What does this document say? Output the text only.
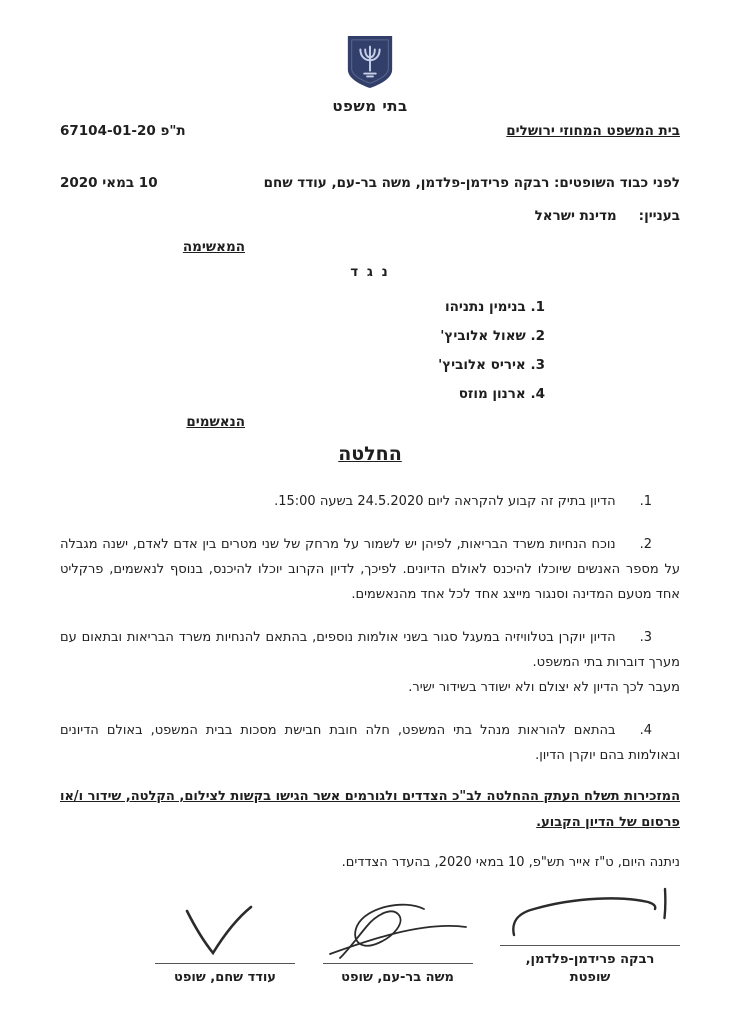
בתי משפט
בית המשפט המחוזי ירושלים
ת"פ 67104-01-20
לפני כבוד השופטים: רבקה פרידמן-פלדמן, משה בר-עם, עודד שחם
10 במאי 2020
בעניין:מדינת ישראל
המאשימה
נ ג ד
1. בנימין נתניהו
2. שאול אלוביץ'
3. איריס אלוביץ'
4. ארנון מוזס
הנאשמים
החלטה
1.הדיון בתיק זה קבוע להקראה ליום 24.5.2020 בשעה 15:00.
2.נוכח הנחיות משרד הבריאות, לפיהן יש לשמור על מרחק של שני מטרים בין אדם לאדם, ישנה מגבלה על מספר האנשים שיוכלו להיכנס לאולם הדיונים. לפיכך, לדיון הקרוב יוכלו להיכנס, בנוסף לנאשמים, פרקליט אחד מטעם המדינה וסנגור מייצג אחד לכל אחד מהנאשמים.
3.הדיון יוקרן בטלוויזיה במעגל סגור בשני אולמות נוספים, בהתאם להנחיות משרד הבריאות ובתאום עם מערך דוברות בתי המשפט.
מעבר לכך הדיון לא יצולם ולא ישודר בשידור ישיר.
4.בהתאם להוראות מנהל בתי המשפט, חלה חובת חבישת מסכות בבית המשפט, באולם הדיונים ובאולמות בהם יוקרן הדיון.
המזכירות תשלח העתק ההחלטה לב"כ הצדדים ולגורמים אשר הגישו בקשות לצילום, הקלטה, שידור ו/או פרסום של הדיון הקבוע.
ניתנה היום, ט"ז אייר תש"פ, 10 במאי 2020, בהעדר הצדדים.
רבקה פרידמן-פלדמן,
שופטת
משה בר-עם, שופט
עודד שחם, שופט
